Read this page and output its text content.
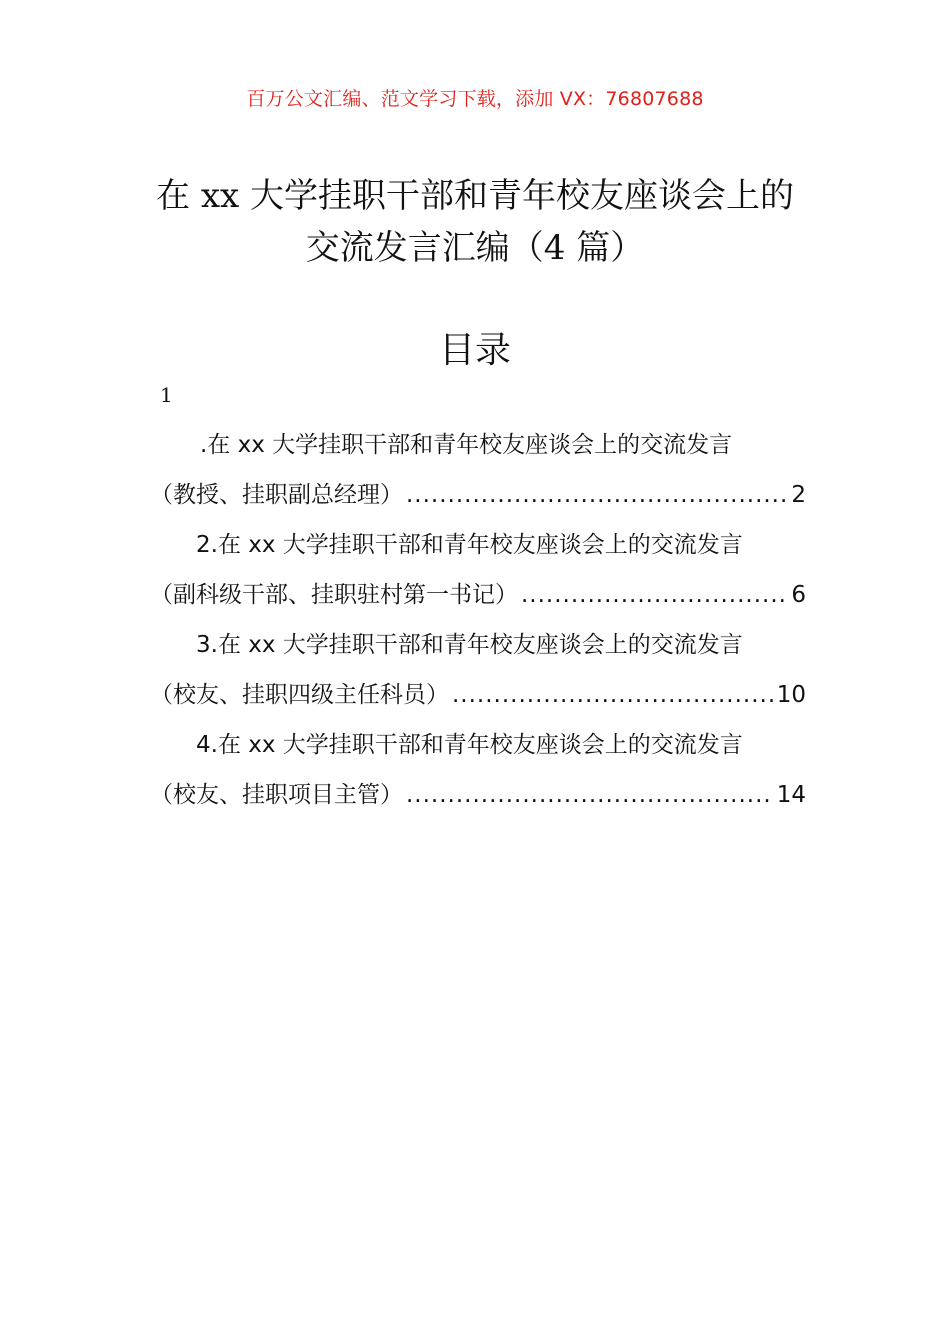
百万公文汇编、范文学习下载，添加 VX：76807688
在 xx 大学挂职干部和青年校友座谈会上的
交流发言汇编（4 篇）
目录
1
.在 xx 大学挂职干部和青年校友座谈会上的交流发言
（教授、挂职副总经理） .....	2
2.在 xx 大学挂职干部和青年校友座谈会上的交流发言
（副科级干部、挂职驻村第一书记） .....	6
3.在 xx 大学挂职干部和青年校友座谈会上的交流发言
（校友、挂职四级主任科员） .....	10
4.在 xx 大学挂职干部和青年校友座谈会上的交流发言
（校友、挂职项目主管） .....	14
